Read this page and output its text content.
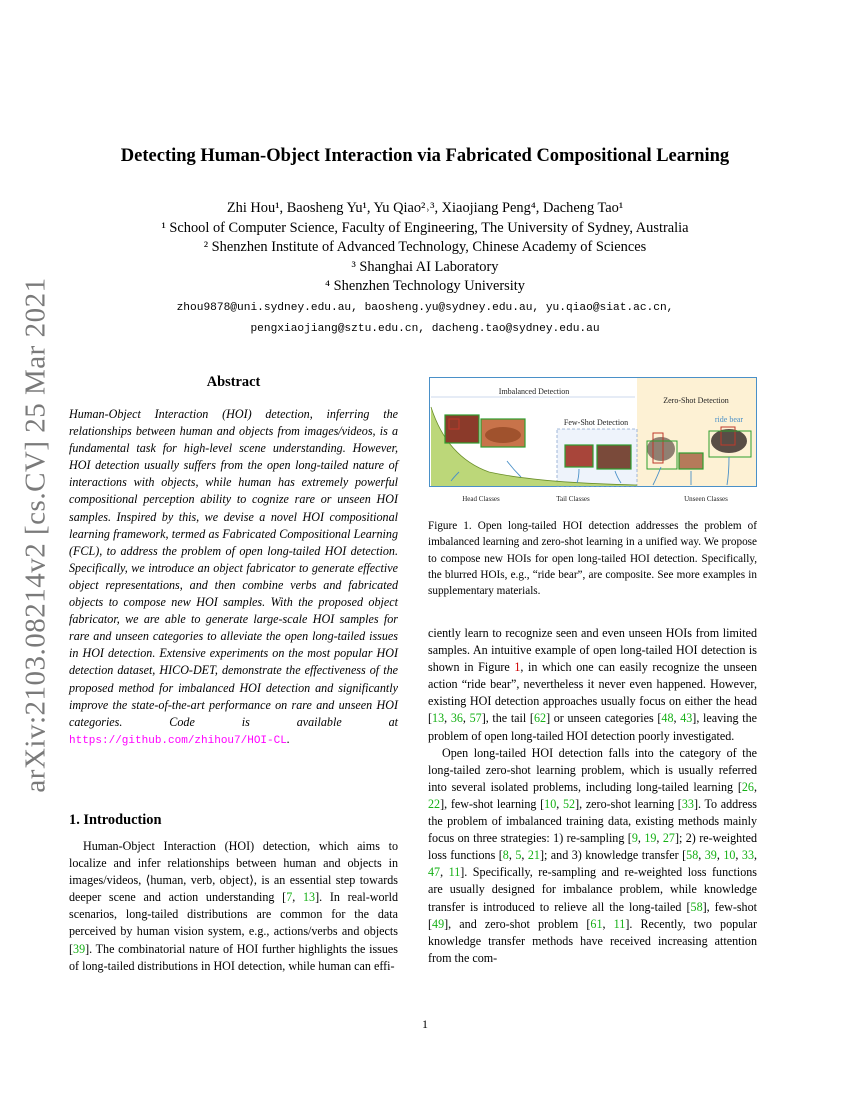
Detecting Human-Object Interaction via Fabricated Compositional Learning
Zhi Hou¹, Baosheng Yu¹, Yu Qiao²˒³, Xiaojiang Peng⁴, Dacheng Tao¹
¹ School of Computer Science, Faculty of Engineering, The University of Sydney, Australia
² Shenzhen Institute of Advanced Technology, Chinese Academy of Sciences
³ Shanghai AI Laboratory
⁴ Shenzhen Technology University
zhou9878@uni.sydney.edu.au, baosheng.yu@sydney.edu.au, yu.qiao@siat.ac.cn,
pengxiaojiang@sztu.edu.cn, dacheng.tao@sydney.edu.au
arXiv:2103.08214v2 [cs.CV] 25 Mar 2021	Abstract
Human-Object Interaction (HOI) detection, inferring the relationships between human and objects from images/videos, is a fundamental task for high-level scene understanding. However, HOI detection usually suffers from the open long-tailed nature of interactions with objects, while human has extremely powerful compositional perception ability to cognize rare or unseen HOI samples. Inspired by this, we devise a novel HOI compositional learning framework, termed as Fabricated Compositional Learning (FCL), to address the problem of open long-tailed HOI detection. Specifically, we introduce an object fabricator to generate effective object representations, and then combine verbs and fabricated objects to compose new HOI samples. With the proposed object fabricator, we are able to generate large-scale HOI samples for rare and unseen categories to alleviate the open long-tailed issues in HOI detection. Extensive experiments on the most popular HOI detection dataset, HICO-DET, demonstrate the effectiveness of the proposed method for imbalanced HOI detection and significantly improve the state-of-the-art performance on rare and unseen HOI categories. Code is available at https://github.com/zhihou7/HOI-CL.
1. Introduction

Human-Object Interaction (HOI) detection, which aims to localize and infer relationships between human and objects in images/videos, ⟨human, verb, object⟩, is an essential step towards deeper scene and action understanding [7, 13]. In real-world scenarios, long-tailed distributions are common for the data perceived by human vision system, e.g., actions/verbs and objects [39]. The combinatorial nature of HOI further highlights the issues of long-tailed distributions in HOI detection, while human can effi-

Imbalanced Detection
Few-Shot Detection
Zero-Shot Detection
ride bear
Head Classes	Tail Classes	Unseen Classes
Figure 1. Open long-tailed HOI detection addresses the problem of imbalanced learning and zero-shot learning in a unified way. We propose to compose new HOIs for open long-tailed HOI detection. Specifically, the blurred HOIs, e.g., “ride bear”, are composite. See more examples in supplementary materials.

ciently learn to recognize seen and even unseen HOIs from limited samples. An intuitive example of open long-tailed HOI detection is shown in Figure 1, in which one can easily recognize the unseen action “ride bear”, nevertheless it never even happened. However, existing HOI detection approaches usually focus on either the head [13, 36, 57], the tail [62] or unseen categories [48, 43], leaving the problem of open long-tailed HOI detection poorly investigated.

Open long-tailed HOI detection falls into the category of the long-tailed zero-shot learning problem, which is usually referred into several isolated problems, including long-tailed learning [26, 22], few-shot learning [10, 52], zero-shot learning [33]. To address the problem of imbalanced training data, existing methods mainly focus on three strategies: 1) re-sampling [9, 19, 27]; 2) re-weighted loss functions [8, 5, 21]; and 3) knowledge transfer [58, 39, 10, 33, 47, 11]. Specifically, re-sampling and re-weighted loss functions are usually designed for imbalance problem, while knowledge transfer is introduced to relieve all the long-tailed [58], few-shot [49], and zero-shot problem [61, 11]. Recently, two popular knowledge transfer methods have received increasing attention from the com-

1
